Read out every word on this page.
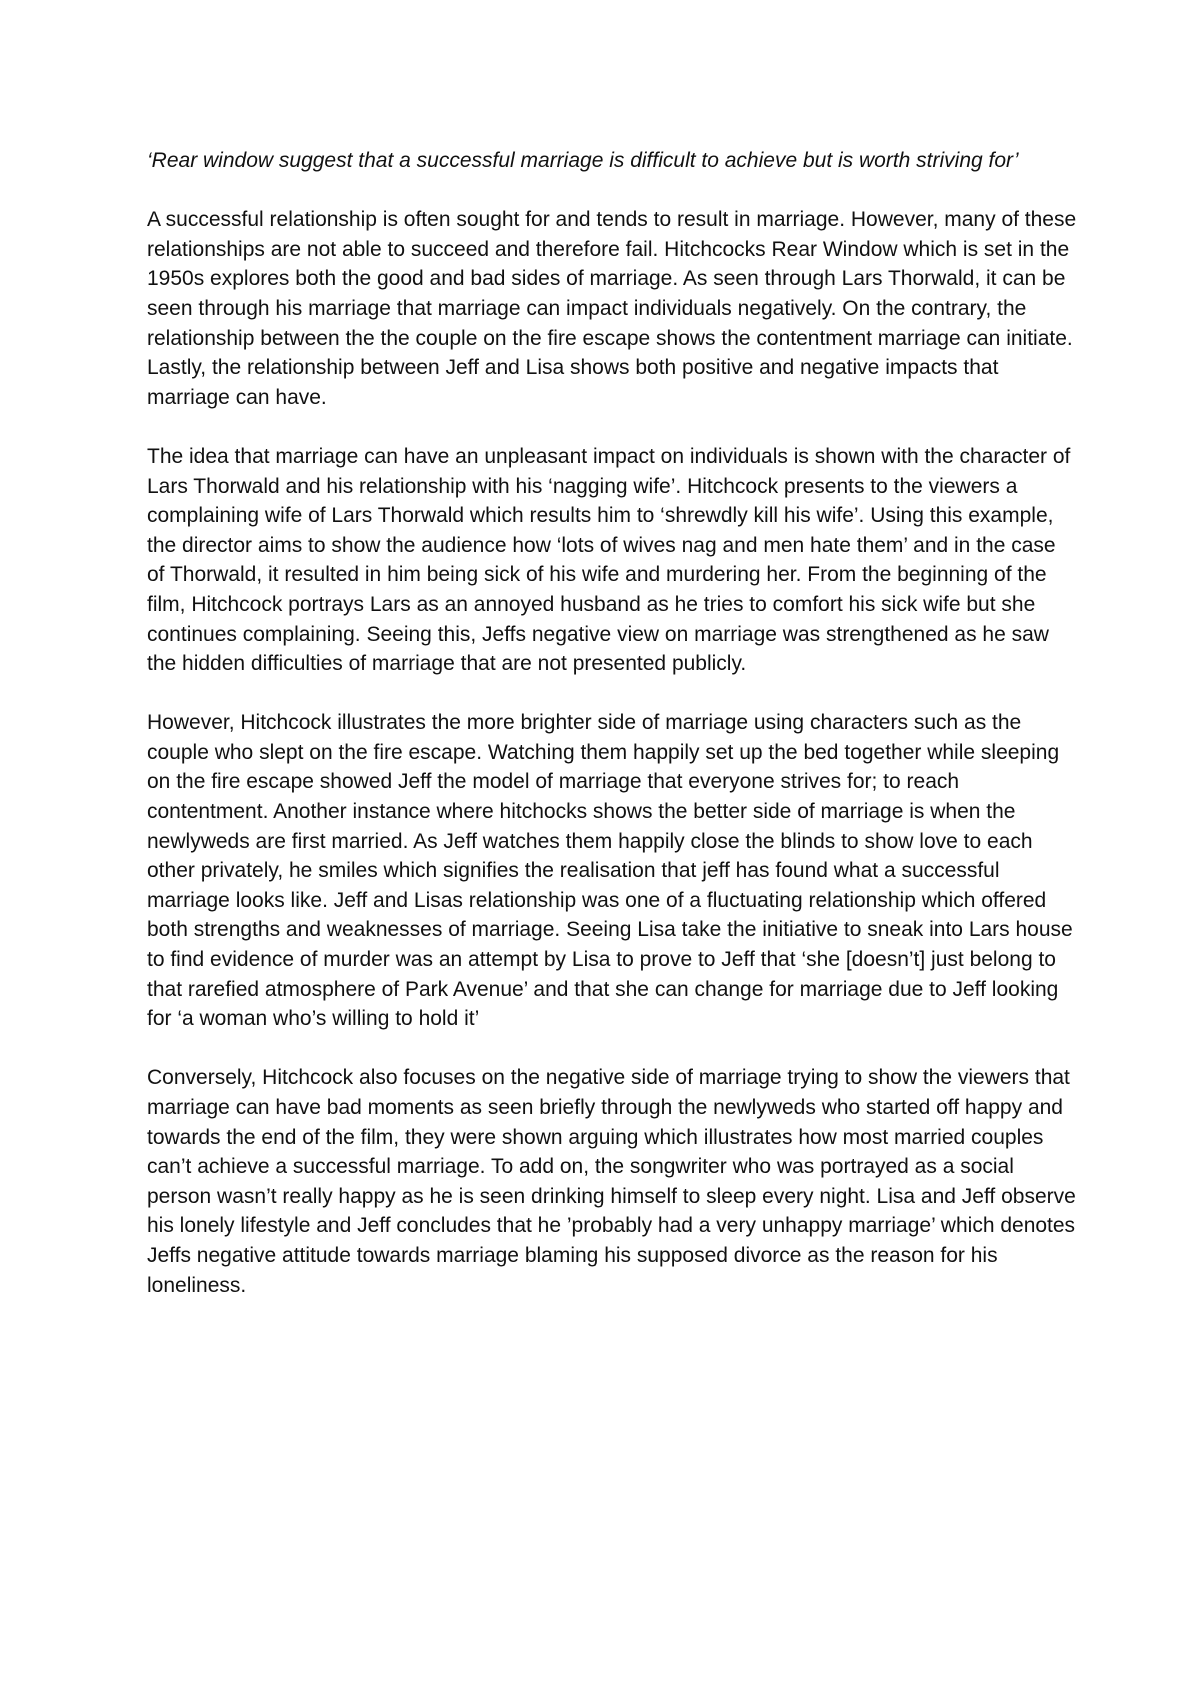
‘Rear window suggest that a successful marriage is difficult to achieve but is worth striving for’

A successful relationship is often sought for and tends to result in marriage. However, many of these relationships are not able to succeed and therefore fail. Hitchcocks Rear Window which is set in the 1950s explores both the good and bad sides of marriage. As seen through Lars Thorwald, it can be seen through his marriage that marriage can impact individuals negatively. On the contrary, the relationship between the the couple on the fire escape shows the contentment marriage can initiate. Lastly, the relationship between Jeff and Lisa shows both positive and negative impacts that marriage can have.

The idea that marriage can have an unpleasant impact on individuals is shown with the character of Lars Thorwald and his relationship with his ‘nagging wife’. Hitchcock presents to the viewers a complaining wife of Lars Thorwald which results him to ‘shrewdly kill his wife’. Using this example, the director aims to show the audience how ‘lots of wives nag and men hate them’ and in the case of Thorwald, it resulted in him being sick of his wife and murdering her. From the beginning of the film, Hitchcock portrays Lars as an annoyed husband as he tries to comfort his sick wife but she continues complaining. Seeing this, Jeffs negative view on marriage was strengthened as he saw the hidden difficulties of marriage that are not presented publicly.

However, Hitchcock illustrates the more brighter side of marriage using characters such as the couple who slept on the fire escape. Watching them happily set up the bed together while sleeping on the fire escape showed Jeff the model of marriage that everyone strives for; to reach contentment. Another instance where hitchocks shows the better side of marriage is when the newlyweds are first married. As Jeff watches them happily close the blinds to show love to each other privately, he smiles which signifies the realisation that jeff has found what a successful marriage looks like. Jeff and Lisas relationship was one of a fluctuating relationship which offered both strengths and weaknesses of marriage. Seeing Lisa take the initiative to sneak into Lars house to find evidence of murder was an attempt by Lisa to prove to Jeff that ‘she [doesn’t] just belong to that rarefied atmosphere of Park Avenue’ and that she can change for marriage due to Jeff looking for ‘a woman who’s willing to hold it’

Conversely, Hitchcock also focuses on the negative side of marriage trying to show the viewers that marriage can have bad moments as seen briefly through the newlyweds who started off happy and towards the end of the film, they were shown arguing which illustrates how most married couples can’t achieve a successful marriage. To add on, the songwriter who was portrayed as a social person wasn’t really happy as he is seen drinking himself to sleep every night. Lisa and Jeff observe his lonely lifestyle and Jeff concludes that he ’probably had a very unhappy marriage’ which denotes Jeffs negative attitude towards marriage blaming his supposed divorce as the reason for his loneliness.
